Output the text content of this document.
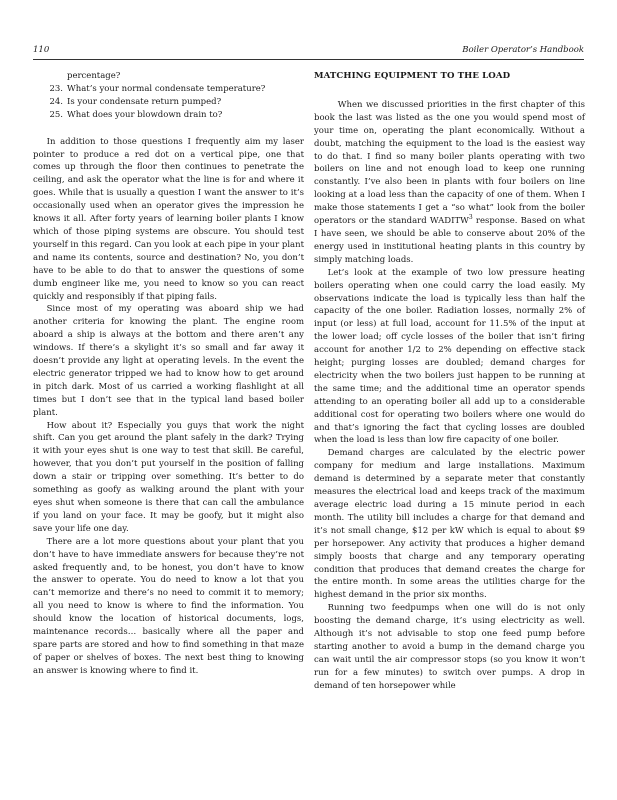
110	Boiler Operator’s Handbook
percentage?
23. What’s your normal condensate temperature?
24. Is your condensate return pumped?
25. What does your blowdown drain to?

In addition to those questions I frequently aim my laser pointer to produce a red dot on a vertical pipe, one that comes up through the floor then continues to penetrate the ceiling, and ask the operator what the line is for and where it goes. While that is usually a question I want the answer to it’s occasionally used when an operator gives the impression he knows it all. After forty years of learning boiler plants I know which of those piping systems are obscure. You should test yourself in this regard. Can you look at each pipe in your plant and name its contents, source and destination? No, you don’t have to be able to do that to answer the questions of some dumb engineer like me, you need to know so you can react quickly and responsibly if that piping fails.

Since most of my operating was aboard ship we had another criteria for knowing the plant. The engine room aboard a ship is always at the bottom and there aren’t any windows. If there’s a skylight it’s so small and far away it doesn’t provide any light at operating levels. In the event the electric generator tripped we had to know how to get around in pitch dark. Most of us carried a working flashlight at all times but I don’t see that in the typical land based boiler plant.

How about it? Especially you guys that work the night shift. Can you get around the plant safely in the dark? Trying it with your eyes shut is one way to test that skill. Be careful, however, that you don’t put yourself in the position of falling down a stair or tripping over something. It’s better to do something as goofy as walking around the plant with your eyes shut when someone is there that can call the ambulance if you land on your face. It may be goofy, but it might also save your life one day.

There are a lot more questions about your plant that you don’t have to have immediate answers for because they’re not asked frequently and, to be honest, you don’t have to know the answer to operate. You do need to know a lot that you can’t memorize and there’s no need to commit it to memory; all you need to know is where to find the information. You should know the location of historical documents, logs, maintenance records… basically where all the paper and spare parts are stored and how to find something in that maze of paper or shelves of boxes. The next best thing to knowing an answer is knowing where to find it.

MATCHING EQUIPMENT TO THE LOAD

When we discussed priorities in the first chapter of this book the last was listed as the one you would spend most of your time on, operating the plant economically. Without a doubt, matching the equipment to the load is the easiest way to do that. I find so many boiler plants operating with two boilers on line and not enough load to keep one running constantly. I’ve also been in plants with four boilers on line looking at a load less than the capacity of one of them. When I make those statements I get a “so what” look from the boiler operators or the standard WADITW$^3$ response. Based on what I have seen, we should be able to conserve about 20% of the energy used in institutional heating plants in this country by simply matching loads.

Let’s look at the example of two low pressure heating boilers operating when one could carry the load easily. My observations indicate the load is typically less than half the capacity of the one boiler. Radiation losses, normally 2% of input (or less) at full load, account for 11.5% of the input at the lower load; off cycle losses of the boiler that isn’t firing account for another 1/2 to 2% depending on effective stack height; purging losses are doubled; demand charges for electricity when the two boilers just happen to be running at the same time; and the additional time an operator spends attending to an operating boiler all add up to a considerable additional cost for operating two boilers where one would do and that’s ignoring the fact that cycling losses are doubled when the load is less than low fire capacity of one boiler.

Demand charges are calculated by the electric power company for medium and large installations. Maximum demand is determined by a separate meter that constantly measures the electrical load and keeps track of the maximum average electric load during a 15 minute period in each month. The utility bill includes a charge for that demand and it’s not small change, $12 per kW which is equal to about $9 per horsepower. Any activity that produces a higher demand simply boosts that charge and any temporary operating condition that produces that demand creates the charge for the entire month. In some areas the utilities charge for the highest demand in the prior six months.

Running two feedpumps when one will do is not only boosting the demand charge, it’s using electricity as well. Although it’s not advisable to stop one feed pump before starting another to avoid a bump in the demand charge you can wait until the air compressor stops (so you know it won’t run for a few minutes) to switch over pumps. A drop in demand of ten horsepower while
